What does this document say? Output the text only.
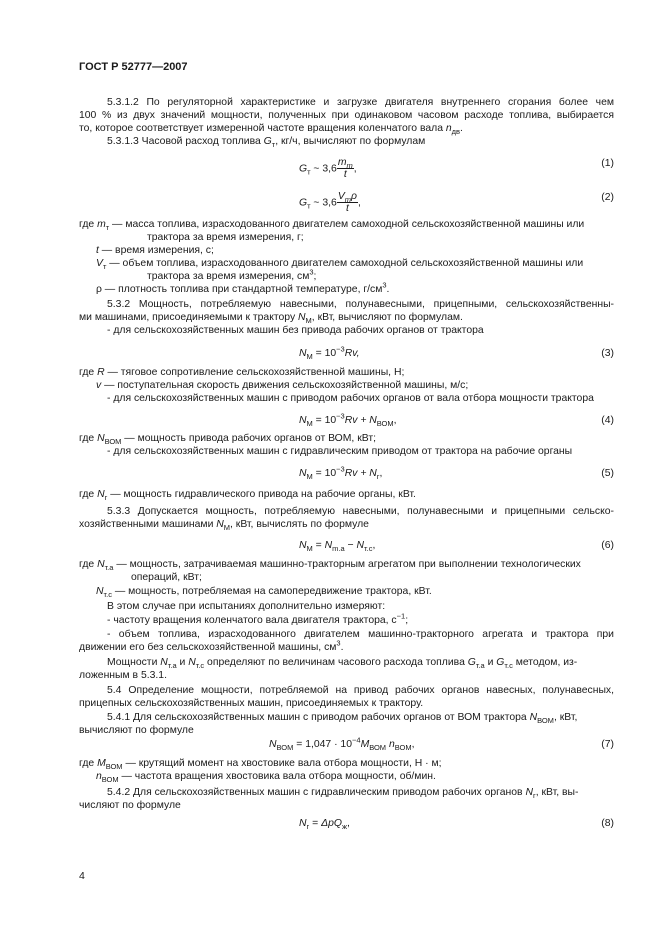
ГОСТ Р 52777—2007
5.3.1.2 По регуляторной характеристике и загрузке двигателя внутреннего сгорания более чем
100 % из двух значений мощности, полученных при одинаковом часовом расходе топлива, выбирается
то, которое соответствует измеренной частоте вращения коленчатого вала $n_{дв}$.
5.3.1.3 Часовой расход топлива $G_т$, кг/ч, вычисляют по формулам
$G_т$ ~ $3,6 \frac{m_т}{t}$ ,	(1)
$G_т$ ~ $3,6 \frac{V_т\rho}{t}$ ,	(2)
где $m_т$ — масса топлива, израсходованного двигателем самоходной сельскохозяйственной машины или
трактора за время измерения, г;
t — время измерения, с;
$V_т$ — объем топлива, израсходованного двигателем самоходной сельскохозяйственной машины или
трактора за время измерения, $см^3$;
ρ — плотность топлива при стандартной температуре, $г/см^3$.
5.3.2 Мощность, потребляемую навесными, полунавесными, прицепными, сельскохозяйственны-
ми машинами, присоединяемыми к трактору $N_М$, кВт, вычисляют по формулам.
- для сельскохозяйственных машин без привода рабочих органов от трактора
$N_М = 10^{-3}Rv$,	(3)
где R — тяговое сопротивление сельскохозяйственной машины, Н;
v — поступательная скорость движения сельскохозяйственной машины, м/с;
- для сельскохозяйственных машин с приводом рабочих органов от вала отбора мощности трактора
$N_М = 10^{-3}Rv + N_{ВОМ}$,	(4)
где $N_{ВОМ}$ — мощность привода рабочих органов от ВОМ, кВт;
- для сельскохозяйственных машин с гидравлическим приводом от трактора на рабочие органы
$N_М = 10^{-3}Rv + N_г$,	(5)
где $N_г$ — мощность гидравлического привода на рабочие органы, кВт.
5.3.3 Допускается мощность, потребляемую навесными, полунавесными и прицепными сельско-
хозяйственными машинами $N_М$, кВт, вычислять по формуле
$N_М = N_{m.a} - N_{т.с}$,	(6)
где $N_{т.а}$ — мощность, затрачиваемая машинно-тракторным агрегатом при выполнении технологических
операций, кВт;
$N_{т.с}$ — мощность, потребляемая на самопередвижение трактора, кВт.
В этом случае при испытаниях дополнительно измеряют:
- частоту вращения коленчатого вала двигателя трактора, $с^{-1}$;
- объем топлива, израсходованного двигателем машинно-тракторного агрегата и трактора при
движении его без сельскохозяйственной машины, $см^3$.
Мощности $N_{т.а}$ и $N_{т.с}$ определяют по величинам часового расхода топлива $G_{т.а}$ и $G_{т.с}$ методом, из-
ложенным в 5.3.1.
5.4 Определение мощности, потребляемой на привод рабочих органов навесных, полунавесных,
прицепных сельскохозяйственных машин, присоединяемых к трактору.
5.4.1 Для сельскохозяйственных машин с приводом рабочих органов от ВОМ трактора $N_{ВОМ}$, кВт,
вычисляют по формуле
$N_{ВОМ} = 1,047 \cdot 10^{-4}М_{ВОМ}$ $n_{ВОМ}$,	(7)
где $М_{ВОМ}$ — крутящий момент на хвостовике вала отбора мощности, Н · м;
$n_{ВОМ}$ — частота вращения хвостовика вала отбора мощности, об/мин.
5.4.2 Для сельскохозяйственных машин с гидравлическим приводом рабочих органов $N_г$, кВт, вы-
числяют по формуле
$N_г = \Delta pQ_ж$,	(8)
4
